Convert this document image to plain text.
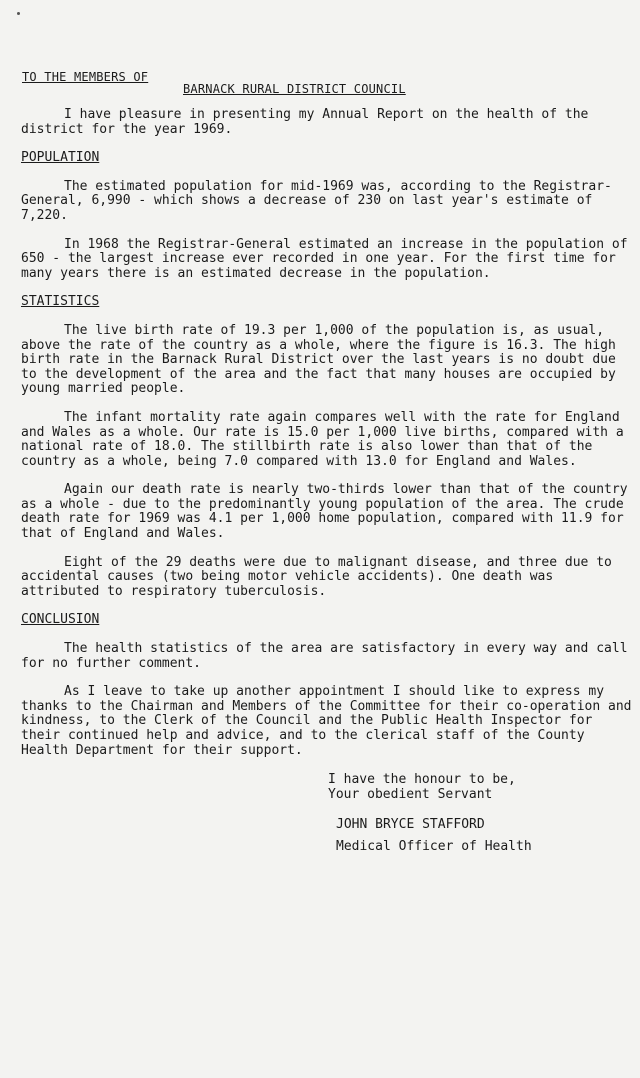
TO THE MEMBERS OF
BARNACK RURAL DISTRICT COUNCIL

I have pleasure in presenting my Annual Report on the health of the district for the year 1969.

POPULATION

The estimated population for mid-1969 was, according to the Registrar-General, 6,990 - which shows a decrease of 230 on last year's estimate of 7,220.

In 1968 the Registrar-General estimated an increase in the population of 650 - the largest increase ever recorded in one year. For the first time for many years there is an estimated decrease in the population.

STATISTICS

The live birth rate of 19.3 per 1,000 of the population is, as usual, above the rate of the country as a whole, where the figure is 16.3. The high birth rate in the Barnack Rural District over the last years is no doubt due to the development of the area and the fact that many houses are occupied by young married people.

The infant mortality rate again compares well with the rate for England and Wales as a whole. Our rate is 15.0 per 1,000 live births, compared with a national rate of 18.0. The stillbirth rate is also lower than that of the country as a whole, being 7.0 compared with 13.0 for England and Wales.

Again our death rate is nearly two-thirds lower than that of the country as a whole - due to the predominantly young population of the area. The crude death rate for 1969 was 4.1 per 1,000 home population, compared with 11.9 for that of England and Wales.

Eight of the 29 deaths were due to malignant disease, and three due to accidental causes (two being motor vehicle accidents). One death was attributed to respiratory tuberculosis.

CONCLUSION

The health statistics of the area are satisfactory in every way and call for no further comment.

As I leave to take up another appointment I should like to express my thanks to the Chairman and Members of the Committee for their co-operation and kindness, to the Clerk of the Council and the Public Health Inspector for their continued help and advice, and to the clerical staff of the County Health Department for their support.

I have the honour to be,
Your obedient Servant
JOHN BRYCE STAFFORD
Medical Officer of Health
